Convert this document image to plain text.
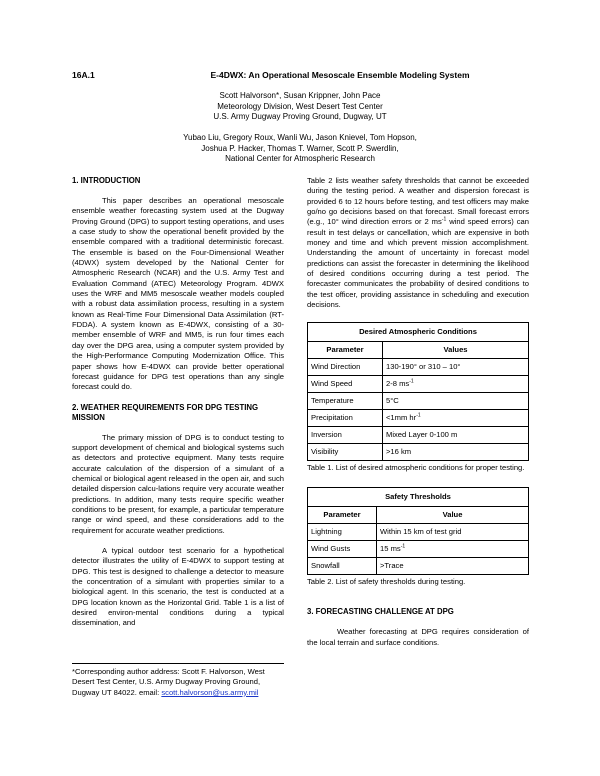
16A.1	E-4DWX: An Operational Mesoscale Ensemble Modeling System
Scott Halvorson*, Susan Krippner, John Pace
Meteorology Division, West Desert Test Center
U.S. Army Dugway Proving Ground, Dugway, UT
Yubao Liu, Gregory Roux, Wanli Wu, Jason Knievel, Tom Hopson,
Joshua P. Hacker, Thomas T. Warner, Scott P. Swerdlin,
National Center for Atmospheric Research
1. INTRODUCTION

This paper describes an operational mesoscale ensemble weather forecasting system used at the Dugway Proving Ground (DPG) to support testing operations, and uses a case study to show the operational benefit provided by the ensemble compared with a traditional deterministic forecast. The ensemble is based on the Four-Dimensional Weather (4DWX) system developed by the National Center for Atmospheric Research (NCAR) and the U.S. Army Test and Evaluation Command (ATEC) Meteorology Program. 4DWX uses the WRF and MM5 mesoscale weather models coupled with a robust data assimilation process, resulting in a system known as Real-Time Four Dimensional Data Assimilation (RT-FDDA). A system known as E-4DWX, consisting of a 30-member ensemble of WRF and MM5, is run four times each day over the DPG area, using a computer system provided by the High-Performance Computing Modernization Office. This paper shows how E-4DWX can provide better operational forecast guidance for DPG test operations than any single forecast could do.

2. WEATHER REQUIREMENTS FOR DPG TESTING MISSION

The primary mission of DPG is to conduct testing to support development of chemical and biological systems such as detectors and protective equipment. Many tests require accurate calculation of the dispersion of a simulant of a chemical or biological agent released in the open air, and such detailed dispersion calcu-lations require very accurate weather predictions. In addition, many tests require specific weather conditions to be present, for example, a particular temperature range or wind speed, and these considerations add to the requirement for accurate weather predictions.

A typical outdoor test scenario for a hypothetical detector illustrates the utility of E-4DWX to support testing at DPG. This test is designed to challenge a detector to measure the concentration of a simulant with properties similar to a biological agent. In this scenario, the test is conducted at a DPG location known as the Horizontal Grid. Table 1 is a list of desired environ-mental conditions during a typical dissemination, and

Table 2 lists weather safety thresholds that cannot be exceeded during the testing period. A weather and dispersion forecast is provided 6 to 12 hours before testing, and test officers may make go/no go decisions based on that forecast. Small forecast errors (e.g., 10° wind direction errors or 2 $ms^{-1}$ wind speed errors) can result in test delays or cancellation, which are expensive in both money and time and which prevent mission accomplishment. Understanding the amount of uncertainty in forecast model predictions can assist the forecaster in determining the likelihood of desired conditions occurring during a test period. The forecaster communicates the probability of desired conditions to the test officer, providing assistance in scheduling and execution decisions.

Desired Atmospheric Conditions	
Parameter	Values
Wind Direction	130-190° or 310 – 10°
Wind Speed	2-8 $ms^{-1}$
Temperature	5°C
Precipitation	<1mm $hr^{-1}$
Inversion	Mixed Layer 0-100 m
Visibility	>16 km

Table 1. List of desired atmospheric conditions for proper testing.

Safety Thresholds	
Parameter	Value
Lightning	Within 15 km of test grid
Wind Gusts	15 $ms^{-1}$
Snowfall	>Trace

Table 2. List of safety thresholds during testing.

3. FORECASTING CHALLENGE AT DPG

Weather forecasting at DPG requires consideration of the local terrain and surface conditions.

*Corresponding author address: Scott F. Halvorson, West Desert Test Center, U.S. Army Dugway Proving Ground, Dugway UT 84022. email: scott.halvorson@us.army.mil
